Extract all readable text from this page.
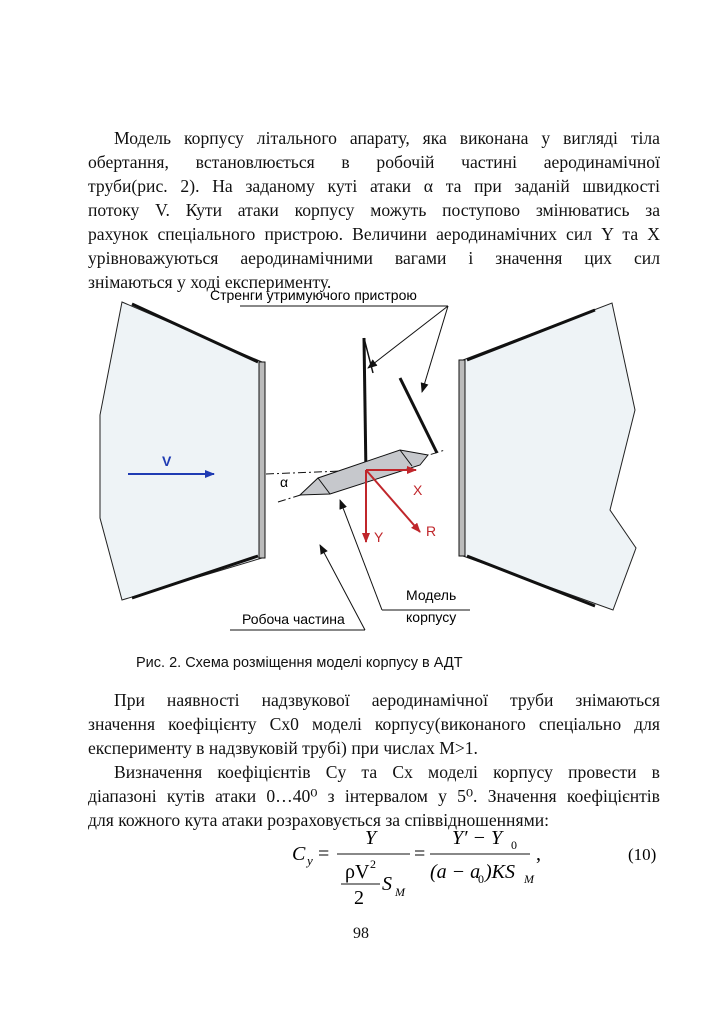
Модель корпусу літального апарату, яка виконана у вигляді тіла
обертання, встановлюється в робочій частині аеродинамічної
труби(рис. 2). На заданому куті атаки α та при заданій швидкості
потоку V. Кути атаки корпусу можуть поступово змінюватись за
рахунок спеціального пристрою. Величини аеродинамічних сил Y та X
урівноважуються аеродинамічними вагами і значення цих сил
знімаються у ході експерименту.
V
α
Стренги утримуючого пристрою
X
Y	R
Модель
корпусу
Робоча частина

Рис. 2. Схема розміщення моделі корпусу в АДТ

При наявності надзвукової аеродинамічної труби знімаються
значення коефіцієнту Cx0 моделі корпусу(виконаного спеціально для
експерименту в надзвуковій трубі) при числах М>1.
Визначення коефіцієнтів Cy та Cx моделі корпусу провести в
діапазоні кутів атаки 0…40⁰ з інтервалом у 5⁰. Значення коефіцієнтів
для кожного кута атаки розраховується за співвідношеннями:
C y =
Y
ρV 2
2
S M
=
Y′ − Y 0
(a − a
0 )KS M
,	(10)
98
